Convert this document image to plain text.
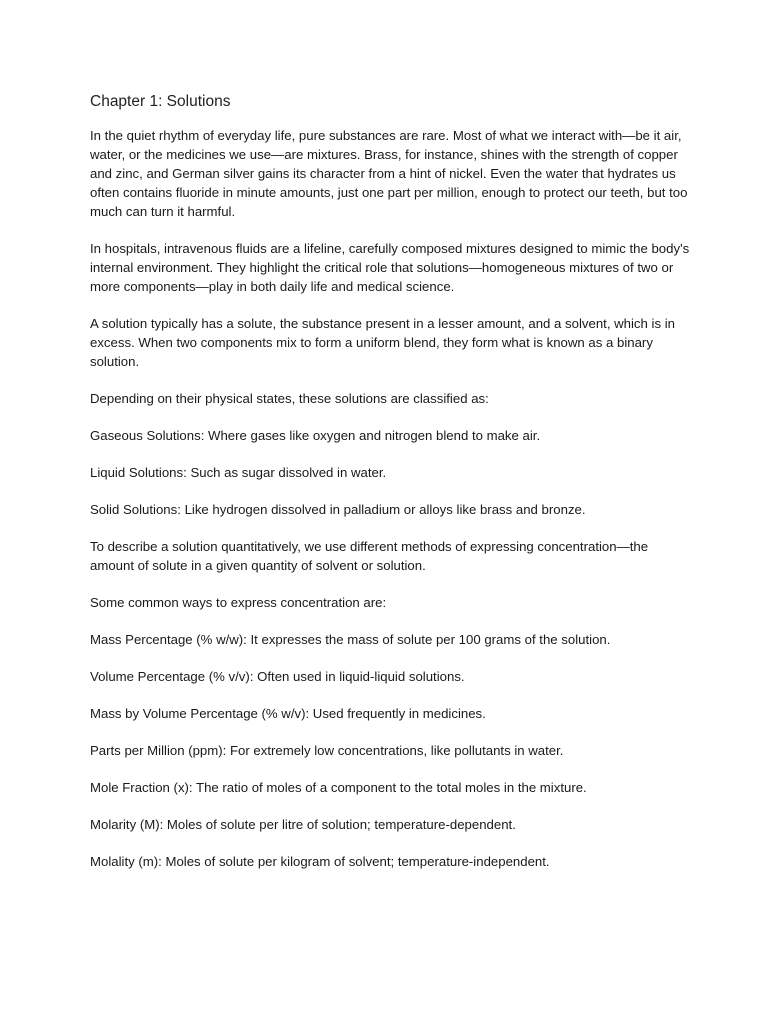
Chapter 1: Solutions

In the quiet rhythm of everyday life, pure substances are rare. Most of what we interact with—be it air, water, or the medicines we use—are mixtures. Brass, for instance, shines with the strength of copper and zinc, and German silver gains its character from a hint of nickel. Even the water that hydrates us often contains fluoride in minute amounts, just one part per million, enough to protect our teeth, but too much can turn it harmful.

In hospitals, intravenous fluids are a lifeline, carefully composed mixtures designed to mimic the body's internal environment. They highlight the critical role that solutions—homogeneous mixtures of two or more components—play in both daily life and medical science.

A solution typically has a solute, the substance present in a lesser amount, and a solvent, which is in excess. When two components mix to form a uniform blend, they form what is known as a binary solution.

Depending on their physical states, these solutions are classified as:

Gaseous Solutions: Where gases like oxygen and nitrogen blend to make air.

Liquid Solutions: Such as sugar dissolved in water.

Solid Solutions: Like hydrogen dissolved in palladium or alloys like brass and bronze.

To describe a solution quantitatively, we use different methods of expressing concentration—the amount of solute in a given quantity of solvent or solution.

Some common ways to express concentration are:

Mass Percentage (% w/w): It expresses the mass of solute per 100 grams of the solution.

Volume Percentage (% v/v): Often used in liquid-liquid solutions.

Mass by Volume Percentage (% w/v): Used frequently in medicines.

Parts per Million (ppm): For extremely low concentrations, like pollutants in water.

Mole Fraction (x): The ratio of moles of a component to the total moles in the mixture.

Molarity (M): Moles of solute per litre of solution; temperature-dependent.

Molality (m): Moles of solute per kilogram of solvent; temperature-independent.
